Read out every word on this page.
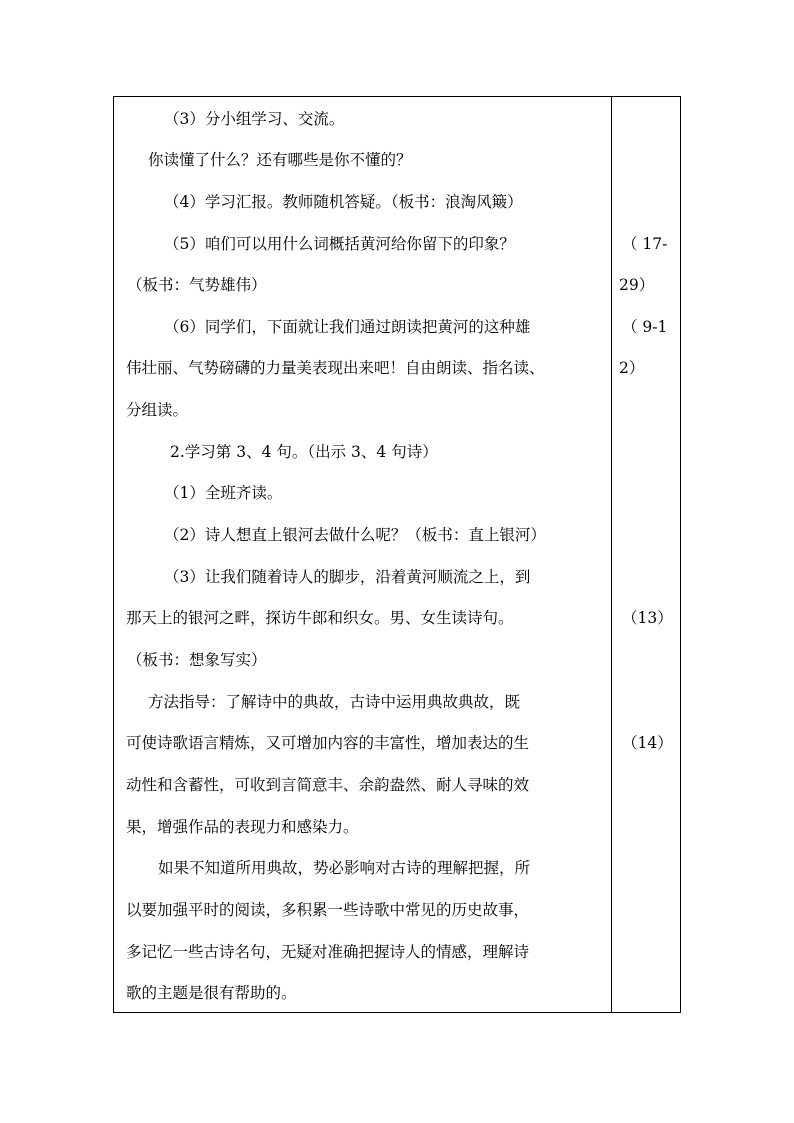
（3）分小组学习、交流。
你读懂了什么？还有哪些是你不懂的？
（4）学习汇报。教师随机答疑。（板书：浪淘风簸）
（5）咱们可以用什么词概括黄河给你留下的印象？
（板书：气势雄伟）
（6）同学们，下面就让我们通过朗读把黄河的这种雄
伟壮丽、气势磅礴的力量美表现出来吧！自由朗读、指名读、
分组读。
2.学习第 3、4 句。（出示 3、4 句诗）
（1）全班齐读。
（2）诗人想直上银河去做什么呢？（板书：直上银河）
（3）让我们随着诗人的脚步，沿着黄河顺流之上，到
那天上的银河之畔，探访牛郎和织女。男、女生读诗句。
（板书：想象写实）
方法指导：了解诗中的典故，古诗中运用典故典故，既
可使诗歌语言精炼，又可增加内容的丰富性，增加表达的生
动性和含蓄性，可收到言简意丰、余韵盎然、耐人寻味的效
果，增强作品的表现力和感染力。
如果不知道所用典故，势必影响对古诗的理解把握，所
以要加强平时的阅读，多积累一些诗歌中常见的历史故事，
多记忆一些古诗名句，无疑对准确把握诗人的情感，理解诗
歌的主题是很有帮助的。
（ 17-
29）
（ 9-1
2）
（13）
（14）
